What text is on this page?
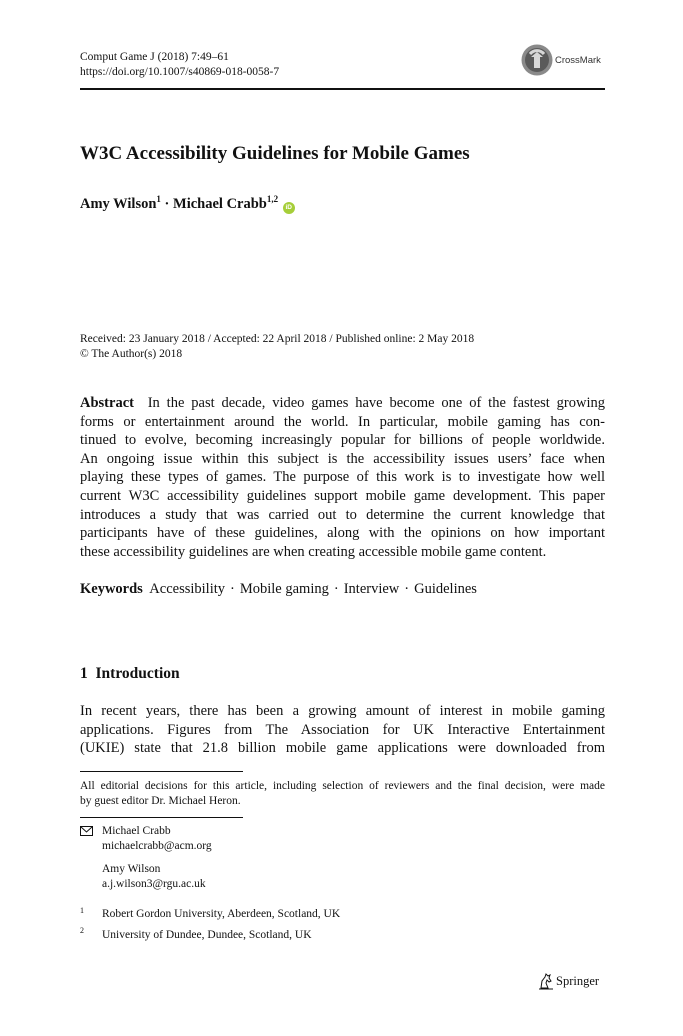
Comput Game J (2018) 7:49–61
https://doi.org/10.1007/s40869-018-0058-7
CrossMark
W3C Accessibility Guidelines for Mobile Games
Amy Wilson$^1$ · Michael Crabb$^{1,2}$ iD
Received: 23 January 2018 / Accepted: 22 April 2018 / Published online: 2 May 2018
© The Author(s) 2018
Abstract In the past decade, video games have become one of the fastest growing
forms or entertainment around the world. In particular, mobile gaming has con-
tinued to evolve, becoming increasingly popular for billions of people worldwide.
An ongoing issue within this subject is the accessibility issues users’ face when
playing these types of games. The purpose of this work is to investigate how well
current W3C accessibility guidelines support mobile game development. This paper
introduces a study that was carried out to determine the current knowledge that
participants have of these guidelines, along with the opinions on how important
these accessibility guidelines are when creating accessible mobile game content.
Keywords Accessibility · Mobile gaming · Interview · Guidelines
1 Introduction
In recent years, there has been a growing amount of interest in mobile gaming
applications. Figures from The Association for UK Interactive Entertainment
(UKIE) state that 21.8 billion mobile game applications were downloaded from
All editorial decisions for this article, including selection of reviewers and the final decision, were made
by guest editor Dr. Michael Heron.
Michael Crabb
michaelcrabb@acm.org
Amy Wilson
a.j.wilson3@rgu.ac.uk
1 Robert Gordon University, Aberdeen, Scotland, UK
2 University of Dundee, Dundee, Scotland, UK
Springer
